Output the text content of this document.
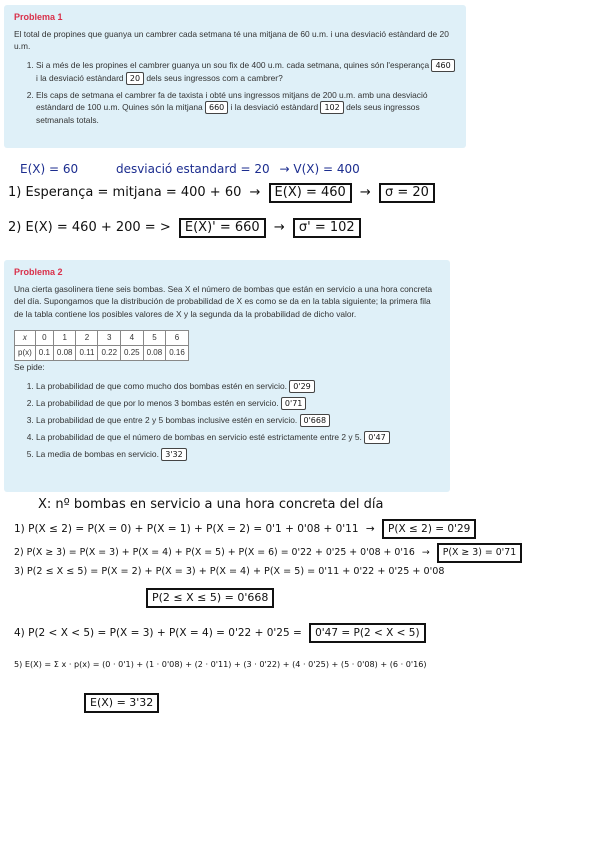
Problema 1

El total de propines que guanya un cambrer cada setmana té una mitjana de 60 u.m. i una desviació estàndard de 20 u.m.

1. Si a més de les propines el cambrer guanya un sou fix de 400 u.m. cada setmana, quines són l'esperança 460 i la desviació estàndard 20 dels seus ingressos com a cambrer?
2. Els caps de setmana el cambrer fa de taxista i obté uns ingressos mitjans de 200 u.m. amb una desviació estàndard de 100 u.m. Quines són la mitjana 660 i la desviació estàndard 102 dels seus ingressos setmanals totals.
E(X) = 60	desviació estandard = 20 → V(X) = 400
1) Esperança = mitjana = 400 + 60 → E(X) = 460 → σ = 20
2) E(X) = 460 + 200 = > E(X)' = 660 → σ' = 102
Problema 2

Una cierta gasolinera tiene seis bombas. Sea X el número de bombas que están en servicio a una hora concreta del día. Supongamos que la distribución de probabilidad de X es como se da en la tabla siguiente; la primera fila de la tabla contiene los posibles valores de X y la segunda da la probabilidad de dicho valor.

x	0	1	2	3	4	5	6
p(x)	0.1	0.08	0.11	0.22	0.25	0.08	0.16

Se pide:

1. La probabilidad de que como mucho dos bombas estén en servicio. 0'29
2. La probabilidad de que por lo menos 3 bombas estén en servicio. 0'71
3. La probabilidad de que entre 2 y 5 bombas inclusive estén en servicio. 0'668
4. La probabilidad de que el número de bombas en servicio esté estrictamente entre 2 y 5. 0'47
5. La media de bombas en servicio. 3'32
X: nº bombas en servicio a una hora concreta del día
1) P(X ≤ 2) = P(X = 0) + P(X = 1) + P(X = 2) = 0'1 + 0'08 + 0'11 → P(X ≤ 2) = 0'29
2) P(X ≥ 3) = P(X = 3) + P(X = 4) + P(X = 5) + P(X = 6) = 0'22 + 0'25 + 0'08 + 0'16 → P(X ≥ 3) = 0'71
3) P(2 ≤ X ≤ 5) = P(X = 2) + P(X = 3) + P(X = 4) + P(X = 5) = 0'11 + 0'22 + 0'25 + 0'08
P(2 ≤ X ≤ 5) = 0'668
4) P(2 < X < 5) = P(X = 3) + P(X = 4) = 0'22 + 0'25 = 0'47 = P(2 < X < 5)
5) E(X) = Σ x · p(x) = (0 · 0'1) + (1 · 0'08) + (2 · 0'11) + (3 · 0'22) + (4 · 0'25) + (5 · 0'08) + (6 · 0'16)
E(X) = 3'32
